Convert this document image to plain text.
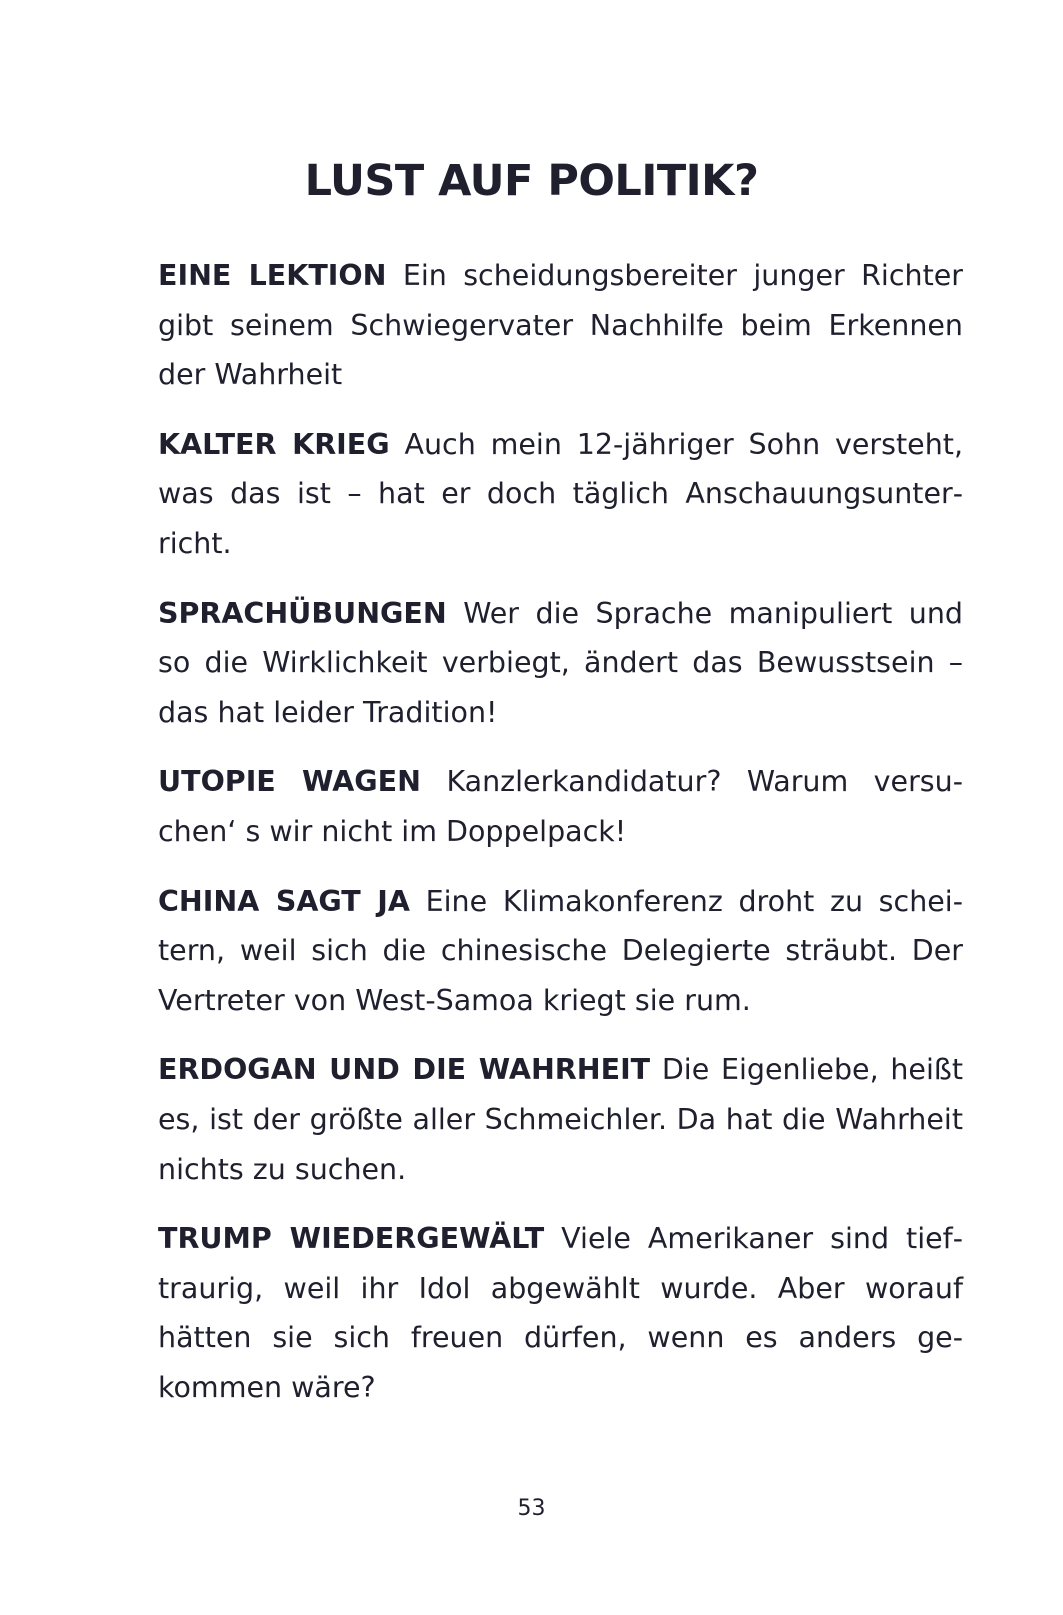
LUST AUF POLITIK?

EINE LEKTION Ein scheidungsbereiter junger Richter gibt seinem Schwiegervater Nachhilfe beim Erkennen der Wahrheit

KALTER KRIEG Auch mein 12-jähriger Sohn versteht, was das ist – hat er doch täglich Anschauungsunterricht.

SPRACHÜBUNGEN Wer die Sprache manipuliert und so die Wirklichkeit verbiegt, ändert das Bewusstsein – das hat leider Tradition!

UTOPIE WAGEN Kanzlerkandidatur? Warum versuchen‘ s wir nicht im Doppelpack!

CHINA SAGT JA Eine Klimakonferenz droht zu scheitern, weil sich die chinesische Delegierte sträubt. Der Vertreter von West-Samoa kriegt sie rum.

ERDOGAN UND DIE WAHRHEIT Die Eigenliebe, heißt es, ist der größte aller Schmeichler. Da hat die Wahrheit nichts zu suchen.

TRUMP WIEDERGEWÄLT Viele Amerikaner sind tieftraurig, weil ihr Idol abgewählt wurde. Aber worauf hätten sie sich freuen dürfen, wenn es anders gekommen wäre?

53
